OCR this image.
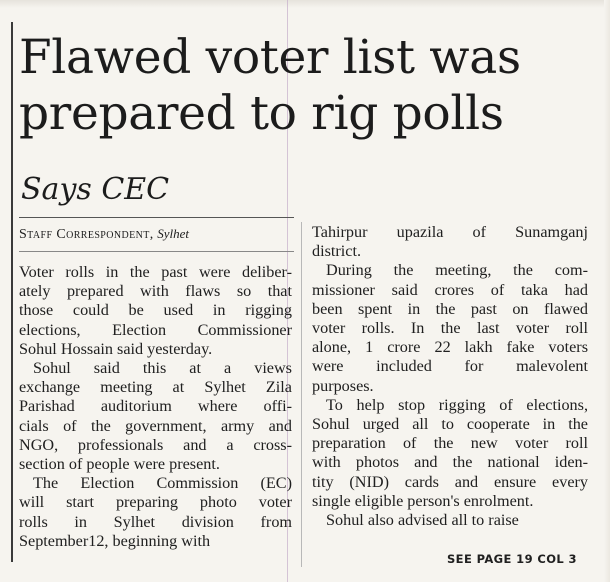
Flawed voter list was
prepared to rig polls

Says CEC

Staff Correspondent, Sylhet

Voter rolls in the past were deliber-
ately prepared with flaws so that
those could be used in rigging
elections, Election Commissioner
Sohul Hossain said yesterday.

Sohul said this at a views
exchange meeting at Sylhet Zila
Parishad auditorium where offi-
cials of the government, army and
NGO, professionals and a cross-
section of people were present.

The Election Commission (EC)
will start preparing photo voter
rolls in Sylhet division from
September12, beginning with

Tahirpur upazila of Sunamganj
district.

During the meeting, the com-
missioner said crores of taka had
been spent in the past on flawed
voter rolls. In the last voter roll
alone, 1 crore 22 lakh fake voters
were included for malevolent
purposes.

To help stop rigging of elections,
Sohul urged all to cooperate in the
preparation of the new voter roll
with photos and the national iden-
tity (NID) cards and ensure every
single eligible person's enrolment.

Sohul also advised all to raise

SEE PAGE 19 COL 3
